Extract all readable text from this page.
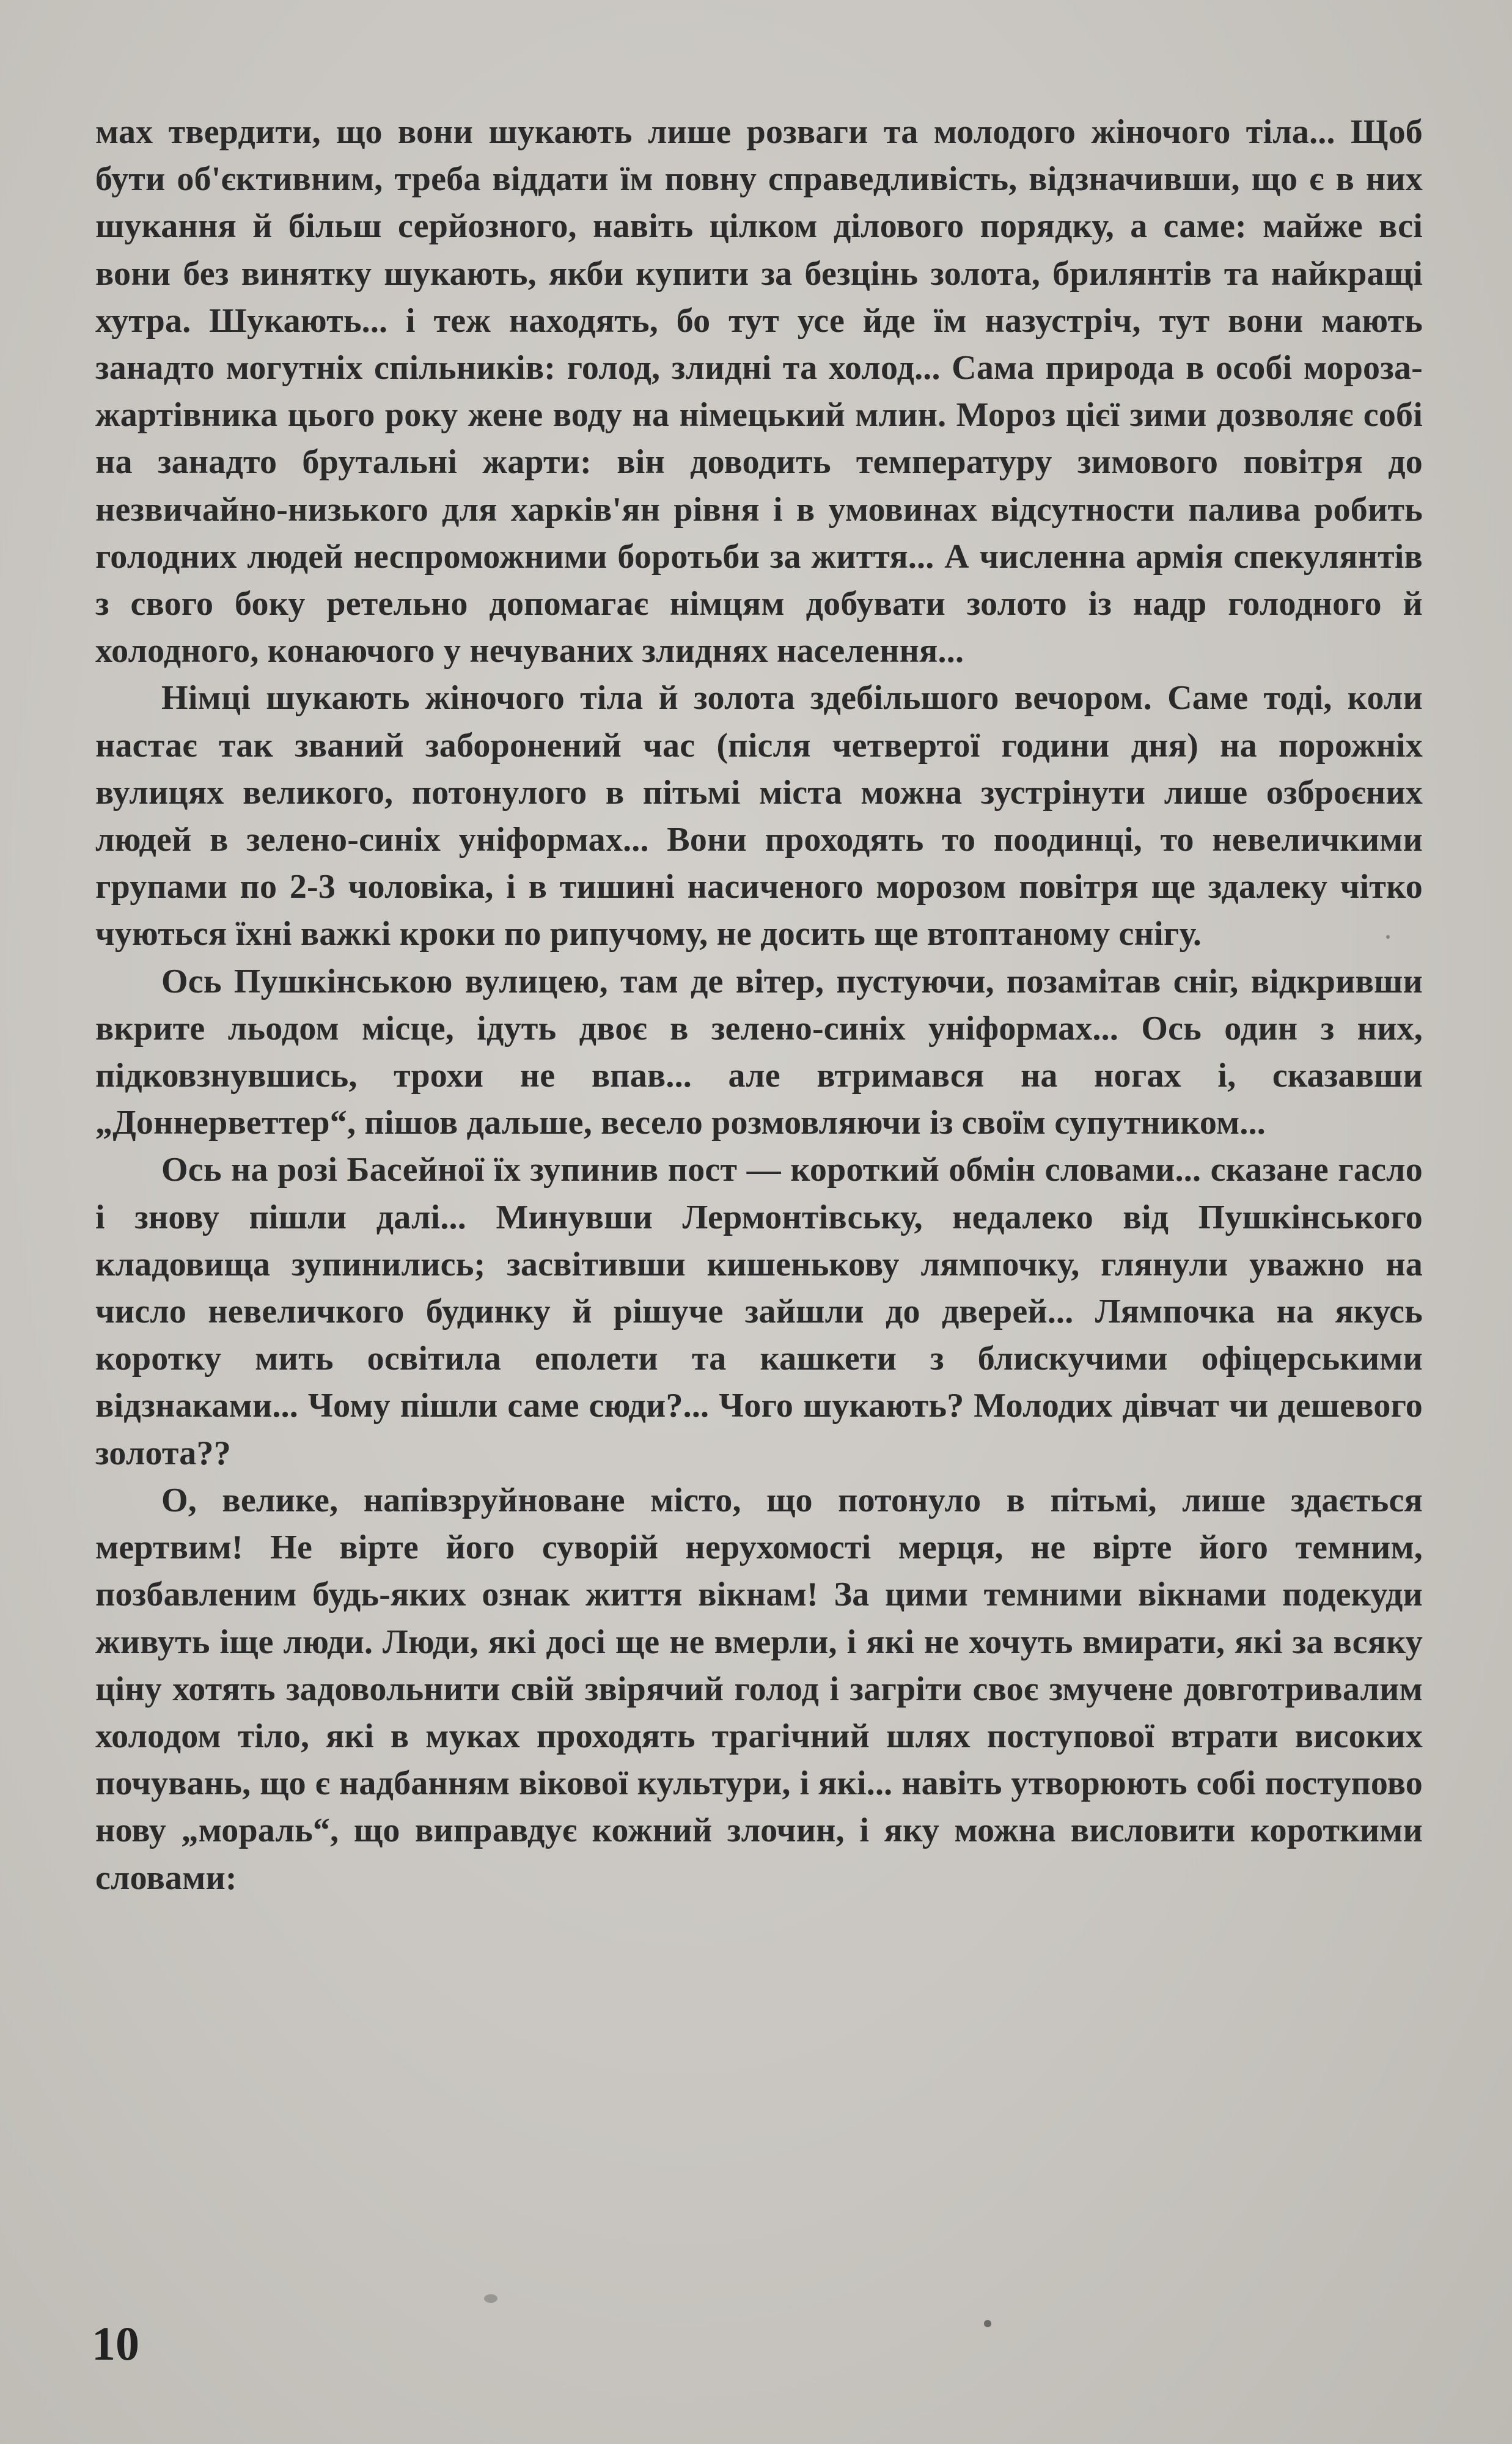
мах твердити, що вони шукають лише розваги та молодого жіночого тіла... Щоб бути об'єктивним, треба віддати їм повну справедливість, відзначивши, що є в них шукання й більш серйозного, навіть цілком ділового порядку, а саме: майже всі вони без винятку шукають, якби купити за безцінь золота, брилянтів та найкращі хутра. Шукають... і теж находять, бо тут усе йде їм назустріч, тут вони мають занадто могутніх спільників: голод, злидні та холод... Сама природа в особі мороза-жартівника цього року жене воду на німецький млин. Мороз цієї зими дозволяє собі на занадто брутальні жарти: він доводить температуру зимового повітря до незвичайно-низького для харків'ян рівня і в умовинах відсутности палива робить голодних людей неспроможними боротьби за життя... А численна армія спекулянтів з свого боку ретельно допомагає німцям добувати золото із надр голодного й холодного, конаючого у нечуваних злиднях населення...

Німці шукають жіночого тіла й золота здебільшого вечором. Саме тоді, коли настає так званий заборонений час (після четвертої години дня) на порожніх вулицях великого, потонулого в пітьмі міста можна зустрінути лише озброєних людей в зелено-синіх уніформах... Вони проходять то поодинці, то невеличкими групами по 2-3 чоловіка, і в тишині насиченого морозом повітря ще здалеку чітко чуються їхні важкі кроки по рипучому, не досить ще втоптаному снігу.

Ось Пушкінською вулицею, там де вітер, пустуючи, позамітав сніг, відкривши вкрите льодом місце, ідуть двоє в зелено-синіх уніформах... Ось один з них, підковзнувшись, трохи не впав... але втримався на ногах і, сказавши „Доннерветтер“, пішов дальше, весело розмовляючи із своїм супутником...

Ось на розі Басейної їх зупинив пост — короткий обмін словами... сказане гасло і знову пішли далі... Минувши Лермонтівську, недалеко від Пушкінського кладовища зупинились; засвітивши кишенькову лямпочку, глянули уважно на число невеличкого будинку й рішуче зайшли до дверей... Лямпочка на якусь коротку мить освітила еполети та кашкети з блискучими офіцерськими відзнаками... Чому пішли саме сюди?... Чого шукають? Молодих дівчат чи дешевого золота??

О, велике, напівзруйноване місто, що потонуло в пітьмі, лише здається мертвим! Не вірте його суворій нерухомості мерця, не вірте його темним, позбавленим будь-яких ознак життя вікнам! За цими темними вікнами подекуди живуть іще люди. Люди, які досі ще не вмерли, і які не хочуть вмирати, які за всяку ціну хотять задовольнити свій звірячий голод і загріти своє змучене довготривалим холодом тіло, які в муках проходять трагічний шлях поступової втрати високих почувань, що є надбанням вікової культури, і які... навіть утворюють собі поступово нову „мораль“, що виправдує кожний злочин, і яку можна висловити короткими словами:

10
